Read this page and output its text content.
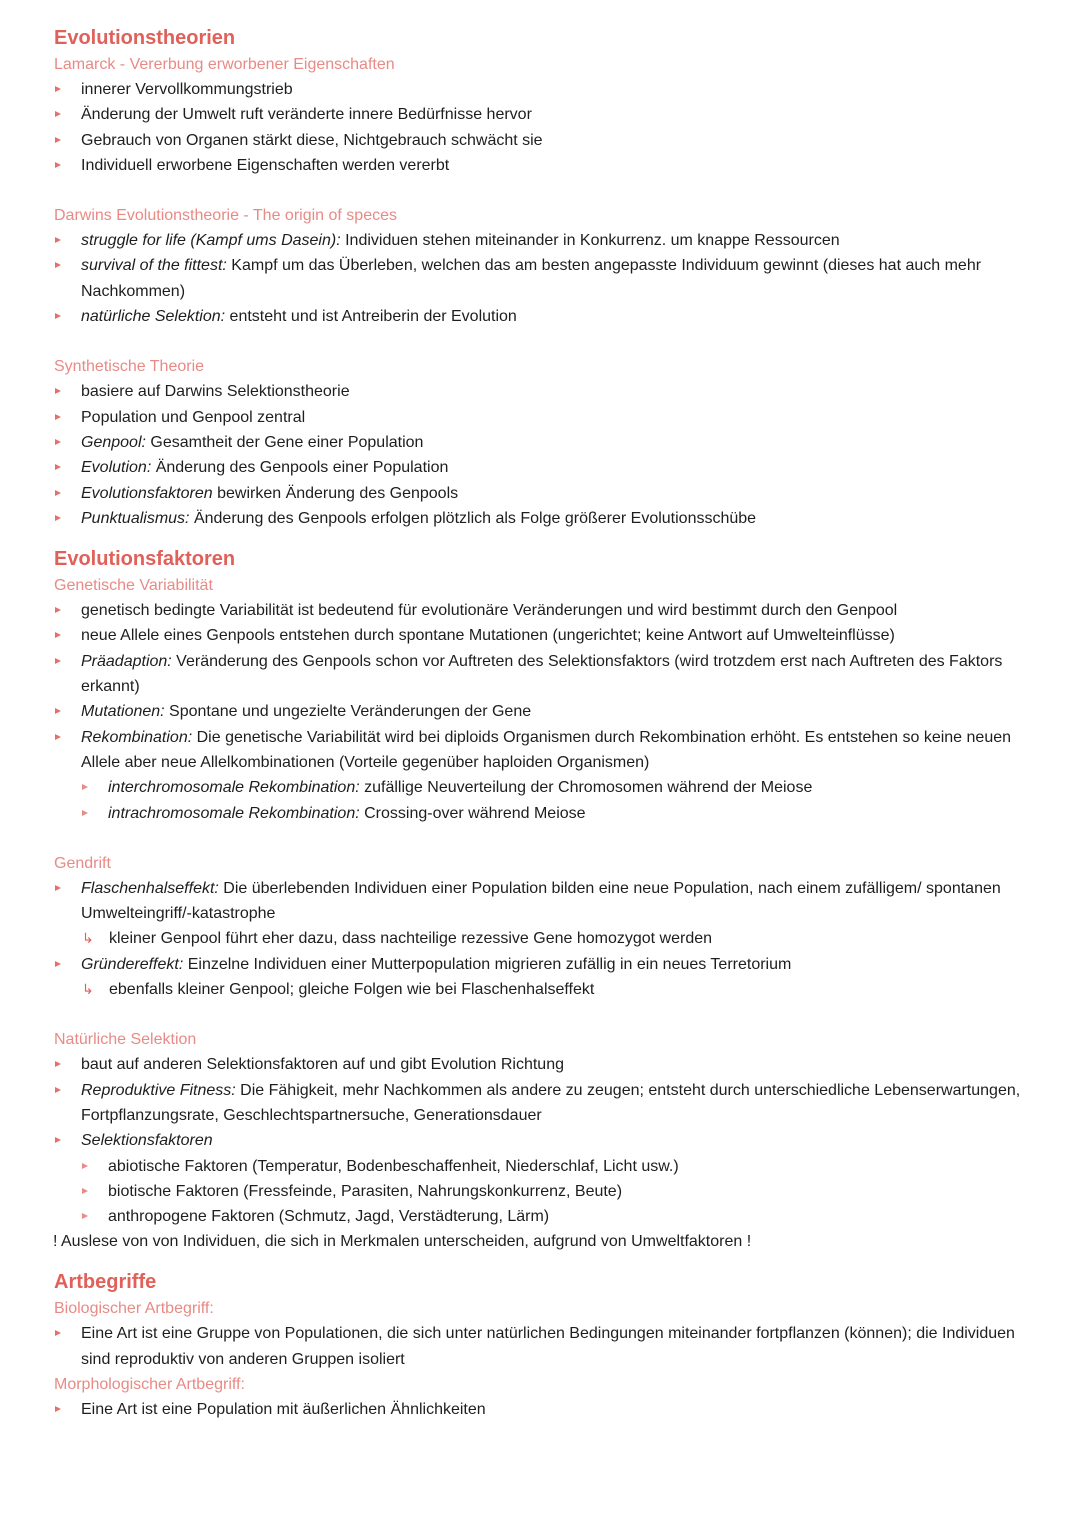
Evolutionstheorien
Lamarck - Vererbung erworbener Eigenschaften
innerer Vervollkommungstrieb
Änderung der Umwelt ruft veränderte innere Bedürfnisse hervor
Gebrauch von Organen stärkt diese, Nichtgebrauch schwächt sie
Individuell erworbene Eigenschaften werden vererbt
Darwins Evolutionstheorie - The origin of speces
struggle for life (Kampf ums Dasein): Individuen stehen miteinander in Konkurrenz. um knappe Ressourcen
survival of the fittest: Kampf um das Überleben, welchen das am besten angepasste Individuum gewinnt (dieses hat auch mehr Nachkommen)
natürliche Selektion: entsteht und ist Antreiberin der Evolution
Synthetische Theorie
basiere auf Darwins Selektionstheorie
Population und Genpool zentral
Genpool: Gesamtheit der Gene einer Population
Evolution: Änderung des Genpools einer Population
Evolutionsfaktoren bewirken Änderung des Genpools
Punktualismus: Änderung des Genpools erfolgen plötzlich als Folge größerer Evolutionsschübe
Evolutionsfaktoren
Genetische Variabilität
genetisch bedingte Variabilität ist bedeutend für evolutionäre Veränderungen und wird bestimmt durch den Genpool
neue Allele eines Genpools entstehen durch spontane Mutationen (ungerichtet; keine Antwort auf Umwelteinflüsse)
Präadaption: Veränderung des Genpools schon vor Auftreten des Selektionsfaktors (wird trotzdem erst nach Auftreten des Faktors erkannt)
Mutationen: Spontane und ungezielte Veränderungen der Gene
Rekombination: Die genetische Variabilität wird bei diploids Organismen durch Rekombination erhöht. Es entstehen so keine neuen Allele aber neue Allelkombinationen (Vorteile gegenüber haploiden Organismen)
interchromosomale Rekombination: zufällige Neuverteilung der Chromosomen während der Meiose
intrachromosomale Rekombination: Crossing-over während Meiose
Gendrift
Flaschenhalseffekt: Die überlebenden Individuen einer Population bilden eine neue Population, nach einem zufälligem/ spontanen Umwelteingriff/-katastrophe
↳ kleiner Genpool führt eher dazu, dass nachteilige rezessive Gene homozygot werden
Gründereffekt: Einzelne Individuen einer Mutterpopulation migrieren zufällig in ein neues Terretorium
↳ ebenfalls kleiner Genpool; gleiche Folgen wie bei Flaschenhalseffekt
Natürliche Selektion
baut auf anderen Selektionsfaktoren auf und gibt Evolution Richtung
Reproduktive Fitness: Die Fähigkeit, mehr Nachkommen als andere zu zeugen; entsteht durch unterschiedliche Lebenserwartungen, Fortpflanzungsrate, Geschlechtspartnersuche, Generationsdauer
Selektionsfaktoren
abiotische Faktoren (Temperatur, Bodenbeschaffenheit, Niederschlaf, Licht usw.)
biotische Faktoren (Fressfeinde, Parasiten, Nahrungskonkurrenz, Beute)
anthropogene Faktoren (Schmutz, Jagd, Verstädterung, Lärm)
! Auslese von von Individuen, die sich in Merkmalen unterscheiden, aufgrund von Umweltfaktoren !
Artbegriffe
Biologischer Artbegriff:
Eine Art ist eine Gruppe von Populationen, die sich unter natürlichen Bedingungen miteinander fortpflanzen (können); die Individuen sind reproduktiv von anderen Gruppen isoliert
Morphologischer Artbegriff:
Eine Art ist eine Population mit äußerlichen Ähnlichkeiten
